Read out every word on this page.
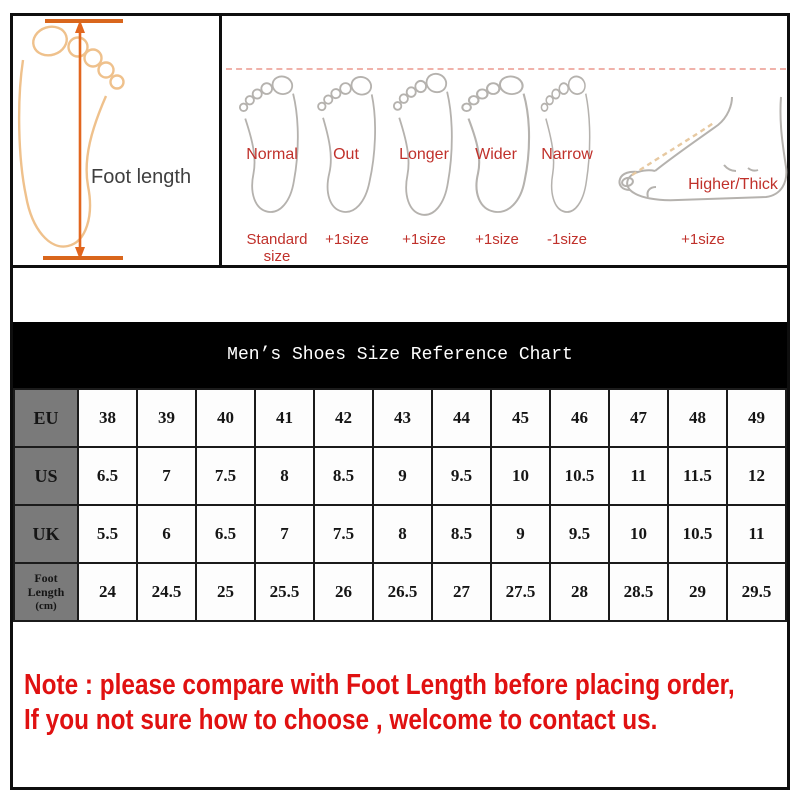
Foot length
Normal	Out	Longer	Wider	Narrow
Higher/Thick
Standard size
+1size	+1size	+1size	-1size	+1size
Men’s Shoes Size Reference Chart
EU	38	39	40	41	42	43	44	45	46	47	48	49
US	6.5	7	7.5	8	8.5	9	9.5	10	10.5	11	11.5	12
UK	5.5	6	6.5	7	7.5	8	8.5	9	9.5	10	10.5	11
Foot Length
(cm)	24	24.5	25	25.5	26	26.5	27	27.5	28	28.5	29	29.5
Note : please compare with Foot Length before placing order,
If you not sure how to choose , welcome to contact us.
